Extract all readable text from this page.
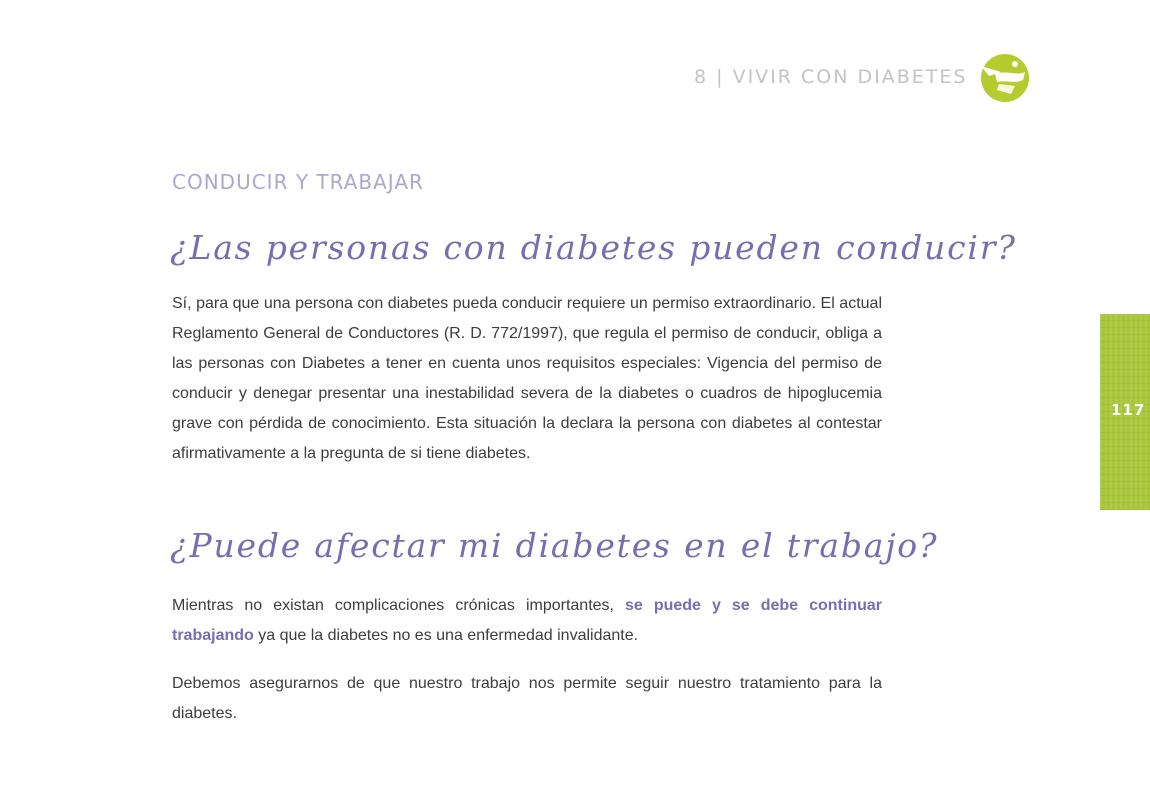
8 | VIVIR CON DIABETES
CONDUCIR Y TRABAJAR
¿Las personas con diabetes pueden conducir?

Sí, para que una persona con diabetes pueda conducir requiere un permiso extraordinario. El actual Reglamento General de Conductores (R. D. 772/1997), que regula el permiso de conducir, obliga a las personas con Diabetes a tener en cuenta unos requisitos especiales: Vigencia del permiso de conducir y denegar presentar una inestabilidad severa de la diabetes o cuadros de hipoglucemia grave con pérdida de conocimiento. Esta situación la declara la persona con diabetes al contestar afirmativamente a la pregunta de si tiene diabetes.

¿Puede afectar mi diabetes en el trabajo?

Mientras no existan complicaciones crónicas importantes, se puede y se debe continuar trabajando ya que la diabetes no es una enfermedad invalidante.

Debemos asegurarnos de que nuestro trabajo nos permite seguir nuestro tratamiento para la diabetes.

117
